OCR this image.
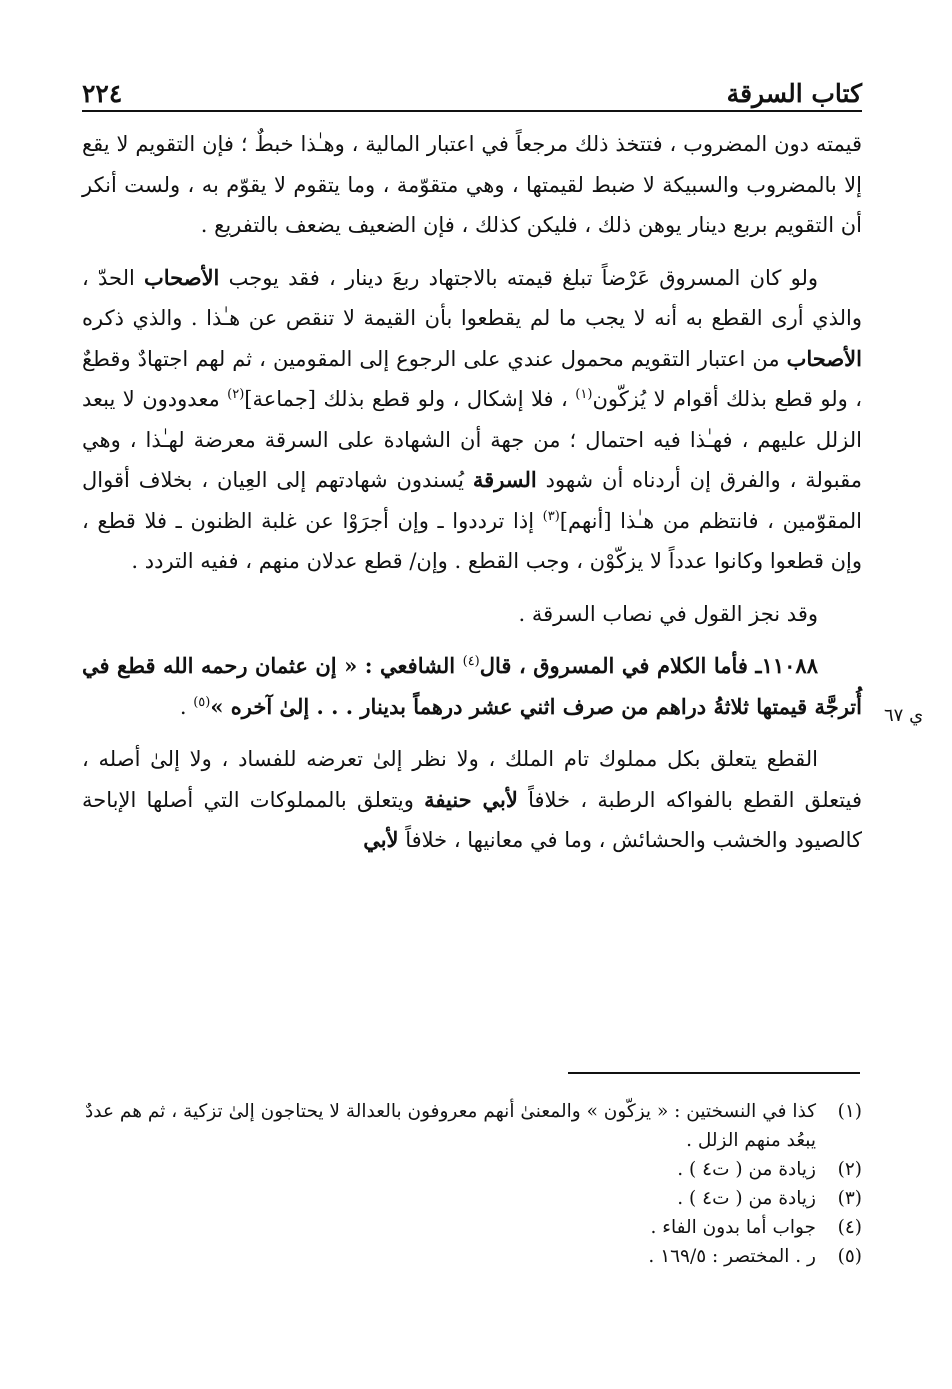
كتاب السرقة
٢٢٤

قيمته دون المضروب ، فتتخذ ذلك مرجعاً في اعتبار المالية ، وهـٰذا خبطٌ ؛ فإن التقويم لا يقع إلا بالمضروب والسبيكة لا ضبط لقيمتها ، وهي متقوّمة ، وما يتقوم لا يقوّم به ، ولست أنكر أن التقويم بربع دينار يوهن ذلك ، فليكن كذلك ، فإن الضعيف يضعف بالتفريع .

ولو كان المسروق عَرْضاً تبلغ قيمته بالاجتهاد ربعَ دينار ، فقد يوجب الأصحاب الحدّ ، والذي أرى القطع به أنه لا يجب ما لم يقطعوا بأن القيمة لا تنقص عن هـٰذا . والذي ذكره الأصحاب من اعتبار التقويم محمول عندي على الرجوع إلى المقومين ، ثم لهم اجتهادٌ وقطعٌ ، ولو قطع بذلك أقوام لا يُزكّون$^{(١)}$ ، فلا إشكال ، ولو قطع بذلك [جماعة]$^{(٢)}$ معدودون لا يبعد الزلل عليهم ، فهـٰذا فيه احتمال ؛ من جهة أن الشهادة على السرقة معرضة لهـٰذا ، وهي مقبولة ، والفرق إن أردناه أن شهود السرقة يُسندون شهادتهم إلى العِيان ، بخلاف أقوال المقوّمين ، فانتظم من هـٰذا [أنهم]$^{(٣)}$ إذا ترددوا ـ وإن أجرَوْا عن غلبة الظنون ـ فلا قطع ، وإن قطعوا وكانوا عدداً لا يزكّوْن ، وجب القطع . وإن/ قطع عدلان منهم ، ففيه التردد .

وقد نجز القول في نصاب السرقة .

١١٠٨٨ـ فأما الكلام في المسروق ، قال$^{(٤)}$ الشافعي : « إن عثمان رحمه الله قطع في أُترجَّة قيمتها ثلاثةُ دراهم من صرف اثني عشر درهماً بدينار . . . إلىٰ آخره »$^{(٥)}$ .

القطع يتعلق بكل مملوك تام الملك ، ولا نظر إلىٰ تعرضه للفساد ، ولا إلىٰ أصله ، فيتعلق القطع بالفواكه الرطبة ، خلافاً لأبي حنيفة ويتعلق بالمملوكات التي أصلها الإباحة كالصيود والخشب والحشائش ، وما في معانيها ، خلافاً لأبي

ي ٦٧
(١)
كذا في النسختين : « يزكّون » والمعنىٰ أنهم معروفون بالعدالة لا يحتاجون إلىٰ تزكية ، ثم هم عددٌ يبعُد منهم الزلل .
(٢)
زيادة من ( ت٤ ) .
(٣)
زيادة من ( ت٤ ) .
(٤)
جواب أما بدون الفاء .
(٥)
ر . المختصر : ١٦٩/٥ .
